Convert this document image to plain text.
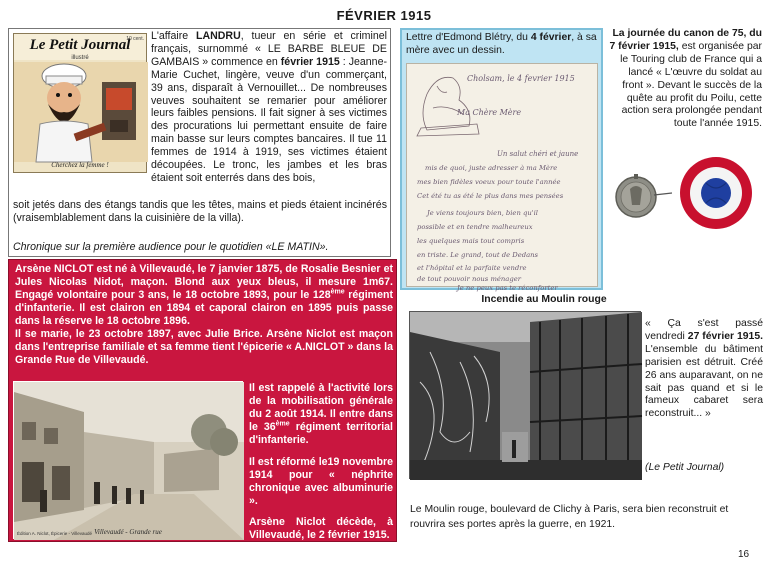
FÉVRIER 1915
Le Petit Journal
illustré
10 cent.
Cherchez la femme !
L'affaire LANDRU, tueur en série et criminel français, surnommé « LE BARBE BLEUE DE GAMBAIS » commence en février 1915 : Jeanne-Marie Cuchet, lingère, veuve d'un commerçant, 39 ans, disparaît à Vernouillet... De nombreuses veuves souhaitent se remarier pour améliorer leurs faibles pensions. Il fait signer à ses victimes des procurations lui permettant ensuite de faire main basse sur leurs comptes bancaires. Il tue 11 femmes de 1914 à 1919, ses victimes étaient découpées. Le tronc, les jambes et les bras étaient soit enterrés dans des bois,
soit jetés dans des étangs tandis que les têtes, mains et pieds étaient incinérés (vraisemblablement dans la cuisinière de la villa).
Chronique sur la première audience pour le quotidien «LE MATIN».
Arsène NICLOT est né à Villevaudé, le 7 janvier 1875, de Rosalie Besnier et Jules Nicolas Nidot, maçon. Blond aux yeux bleus, il mesure 1m67. Engagé volontaire pour 3 ans, le 18 octobre 1893, pour le 128ème régiment d'infanterie. Il est clairon en 1894 et caporal clairon en 1895 puis passe dans la réserve le 18 octobre 1896.
Il se marie, le 23 octobre 1897, avec Julie Brice. Arsène Niclot est maçon dans l'entreprise familiale et sa femme tient l'épicerie « A.NICLOT » dans la Grande Rue de Villevaudé.
Villevaudé - Grande rue
Édition A. Niclot, Épicerie - Villevaudé
Il est rappelé à l'activité lors de la mobilisation générale du 2 août 1914. Il entre dans le 36ème régiment territorial d'infanterie.
Il est réformé le19 novembre 1914 pour « néphrite chronique avec albuminurie ».
Arsène Niclot décède, à Villevaudé, le 2 février 1915.
Lettre d'Edmond Blétry, du 4 février, à sa mère avec un dessin.
Cholsam, le 4 fevrier 1915
Ma Chère Mère
Un salut chéri et jaune
mis de quoi, juste adresser à ma Mère
mes bien fidèles voeux pour toute l'année
Cet été tu as été le plus dans mes pensées
Je viens toujours bien, bien qu'il
possible et en tendre malheureux
les quelques mais tout compris
en triste. Le grand, tout de Dedans
et l'hôpital et la parfaite vendre
de tout pouvoir nous ménager
Je ne peux pas te réconforter
La journée du canon de 75, du 7 février 1915, est organisée par le Touring club de France qui a lancé « L'œuvre du soldat au front ». Devant le succès de la quête au profit du Poilu, cette action sera prolongée pendant toute l'année 1915.
Incendie au Moulin rouge
« Ça s'est passé vendredi 27 février 1915. L'ensemble du bâtiment parisien est détruit. Créé 26 ans auparavant, on ne sait pas quand et si le fameux cabaret sera reconstruit... »
(Le Petit Journal)
Le Moulin rouge, boulevard de Clichy à Paris, sera bien reconstruit et rouvrira ses portes après la guerre, en 1921.
16
